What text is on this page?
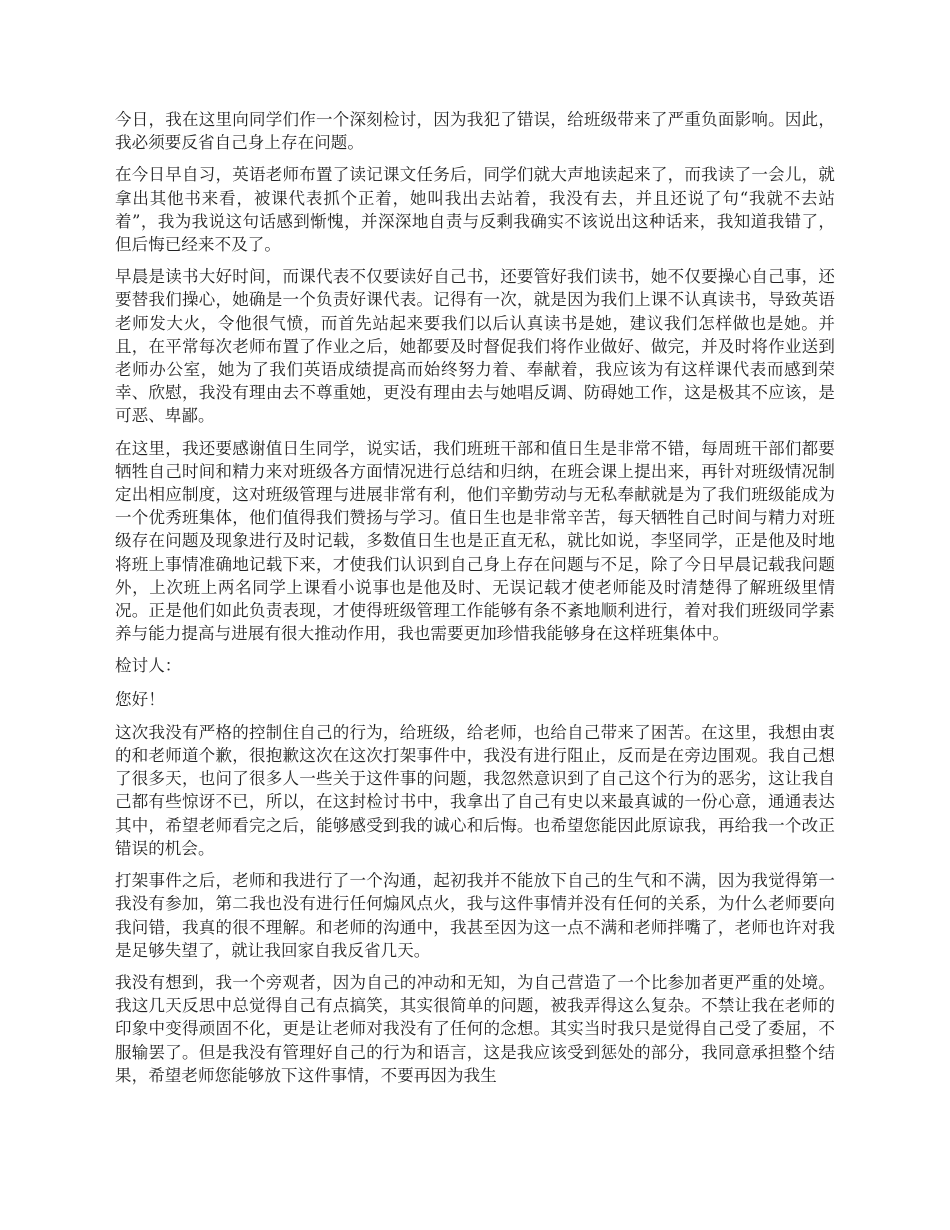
今日，我在这里向同学们作一个深刻检讨，因为我犯了错误，给班级带来了严重负面影响。因此，我必须要反省自己身上存在问题。

在今日早自习，英语老师布置了读记课文任务后，同学们就大声地读起来了，而我读了一会儿，就拿出其他书来看，被课代表抓个正着，她叫我出去站着，我没有去，并且还说了句“我就不去站着”，我为我说这句话感到惭愧，并深深地自责与反剩我确实不该说出这种话来，我知道我错了，但后悔已经来不及了。

早晨是读书大好时间，而课代表不仅要读好自己书，还要管好我们读书，她不仅要操心自己事，还要替我们操心，她确是一个负责好课代表。记得有一次，就是因为我们上课不认真读书，导致英语老师发大火，令他很气愤，而首先站起来要我们以后认真读书是她，建议我们怎样做也是她。并且，在平常每次老师布置了作业之后，她都要及时督促我们将作业做好、做完，并及时将作业送到老师办公室，她为了我们英语成绩提高而始终努力着、奉献着，我应该为有这样课代表而感到荣幸、欣慰，我没有理由去不尊重她，更没有理由去与她唱反调、防碍她工作，这是极其不应该，是可恶、卑鄙。

在这里，我还要感谢值日生同学，说实话，我们班班干部和值日生是非常不错，每周班干部们都要牺牲自己时间和精力来对班级各方面情况进行总结和归纳，在班会课上提出来，再针对班级情况制定出相应制度，这对班级管理与进展非常有利，他们辛勤劳动与无私奉献就是为了我们班级能成为一个优秀班集体，他们值得我们赞扬与学习。值日生也是非常辛苦，每天牺牲自己时间与精力对班级存在问题及现象进行及时记载，多数值日生也是正直无私，就比如说，李坚同学，正是他及时地将班上事情准确地记载下来，才使我们认识到自己身上存在问题与不足，除了今日早晨记载我问题外，上次班上两名同学上课看小说事也是他及时、无误记载才使老师能及时清楚得了解班级里情况。正是他们如此负责表现，才使得班级管理工作能够有条不紊地顺利进行，着对我们班级同学素养与能力提高与进展有很大推动作用，我也需要更加珍惜我能够身在这样班集体中。

检讨人：

您好！

这次我没有严格的控制住自己的行为，给班级，给老师，也给自己带来了困苦。在这里，我想由衷的和老师道个歉，很抱歉这次在这次打架事件中，我没有进行阻止，反而是在旁边围观。我自己想了很多天，也问了很多人一些关于这件事的问题，我忽然意识到了自己这个行为的恶劣，这让我自己都有些惊讶不已，所以，在这封检讨书中，我拿出了自己有史以来最真诚的一份心意，通通表达其中，希望老师看完之后，能够感受到我的诚心和后悔。也希望您能因此原谅我，再给我一个改正错误的机会。

打架事件之后，老师和我进行了一个沟通，起初我并不能放下自己的生气和不满，因为我觉得第一我没有参加，第二我也没有进行任何煽风点火，我与这件事情并没有任何的关系，为什么老师要向我问错，我真的很不理解。和老师的沟通中，我甚至因为这一点不满和老师拌嘴了，老师也许对我是足够失望了，就让我回家自我反省几天。

我没有想到，我一个旁观者，因为自己的冲动和无知，为自己营造了一个比参加者更严重的处境。我这几天反思中总觉得自己有点搞笑，其实很简单的问题，被我弄得这么复杂。不禁让我在老师的印象中变得顽固不化，更是让老师对我没有了任何的念想。其实当时我只是觉得自己受了委屈，不服输罢了。但是我没有管理好自己的行为和语言，这是我应该受到惩处的部分，我同意承担整个结果，希望老师您能够放下这件事情，不要再因为我生
